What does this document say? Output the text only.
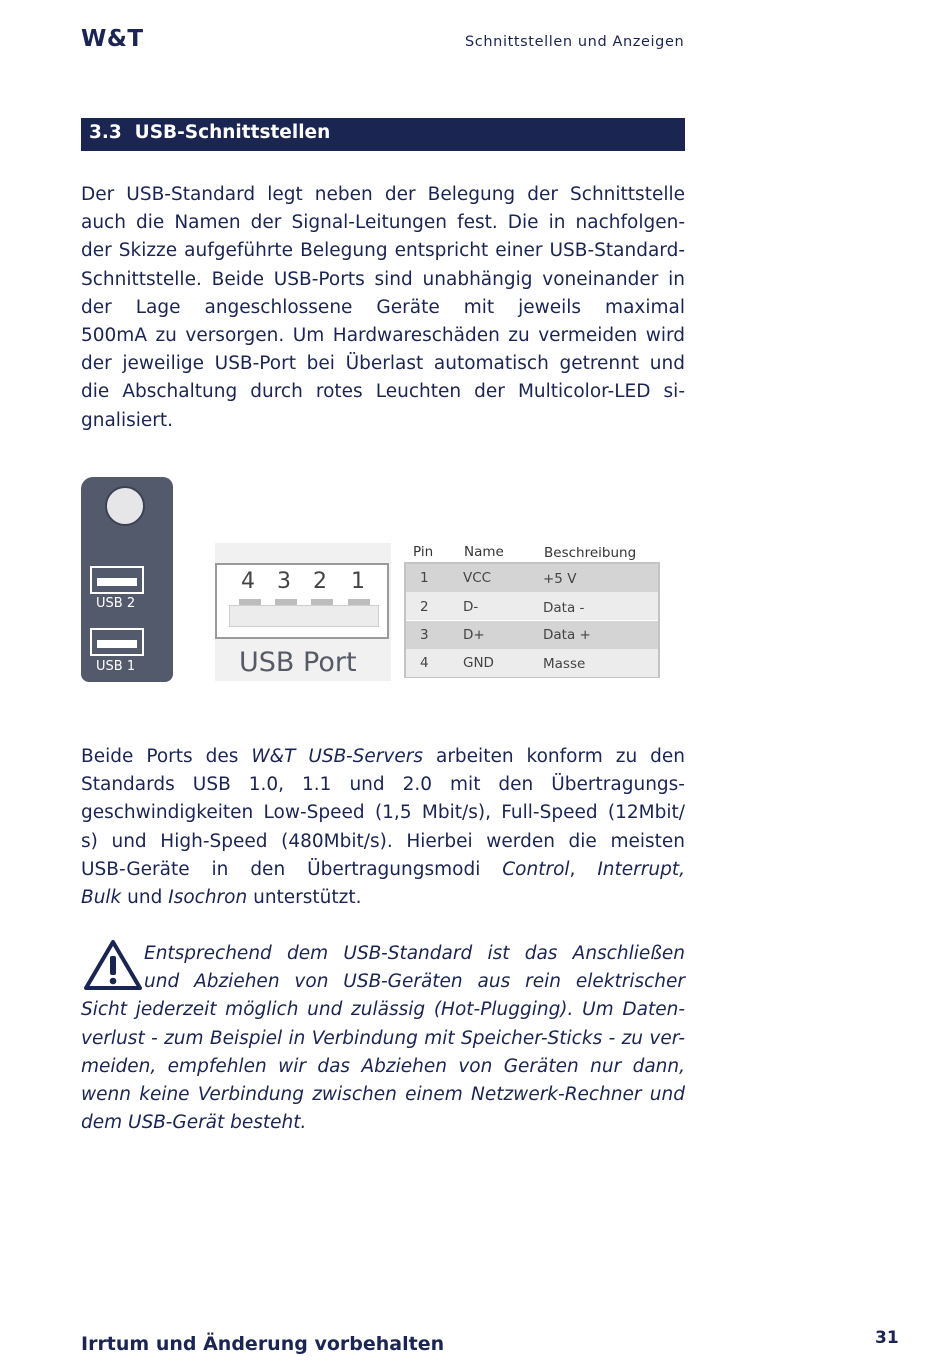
W&T	Schnittstellen und Anzeigen
3.3 USB-Schnittstellen
Der USB-Standard legt neben der Belegung der Schnittstelle
auch die Namen der Signal-Leitungen fest. Die in nachfolgen-
der Skizze aufgeführte Belegung entspricht einer USB-Standard-
Schnittstelle. Beide USB-Ports sind unabhängig voneinander in
der Lage angeschlossene Geräte mit jeweils maximal
500mA zu versorgen. Um Hardwareschäden zu vermeiden wird
der jeweilige USB-Port bei Überlast automatisch getrennt und
die Abschaltung durch rotes Leuchten der Multicolor-LED si-
gnalisiert.
USB 2
USB 1
4 3 2 1
USB Port
Pin Name	Beschreibung
1	VCC	+5 V
2	D-	Data -
3	D+	Data +
4	GND	Masse
Beide Ports des W&T USB-Servers arbeiten konform zu den
Standards USB 1.0, 1.1 und 2.0 mit den Übertragungs-
geschwindigkeiten Low-Speed (1,5 Mbit/s), Full-Speed (12Mbit/
s) und High-Speed (480Mbit/s). Hierbei werden die meisten
USB-Geräte in den Übertragungsmodi Control, Interrupt,
Bulk und Isochron unterstützt.
Entsprechend dem USB-Standard ist das Anschließen
und Abziehen von USB-Geräten aus rein elektrischer
Sicht jederzeit möglich und zulässig (Hot-Plugging). Um Daten-
verlust - zum Beispiel in Verbindung mit Speicher-Sticks - zu ver-
meiden, empfehlen wir das Abziehen von Geräten nur dann,
wenn keine Verbindung zwischen einem Netzwerk-Rechner und
dem USB-Gerät besteht.
Irrtum und Änderung vorbehalten	31
